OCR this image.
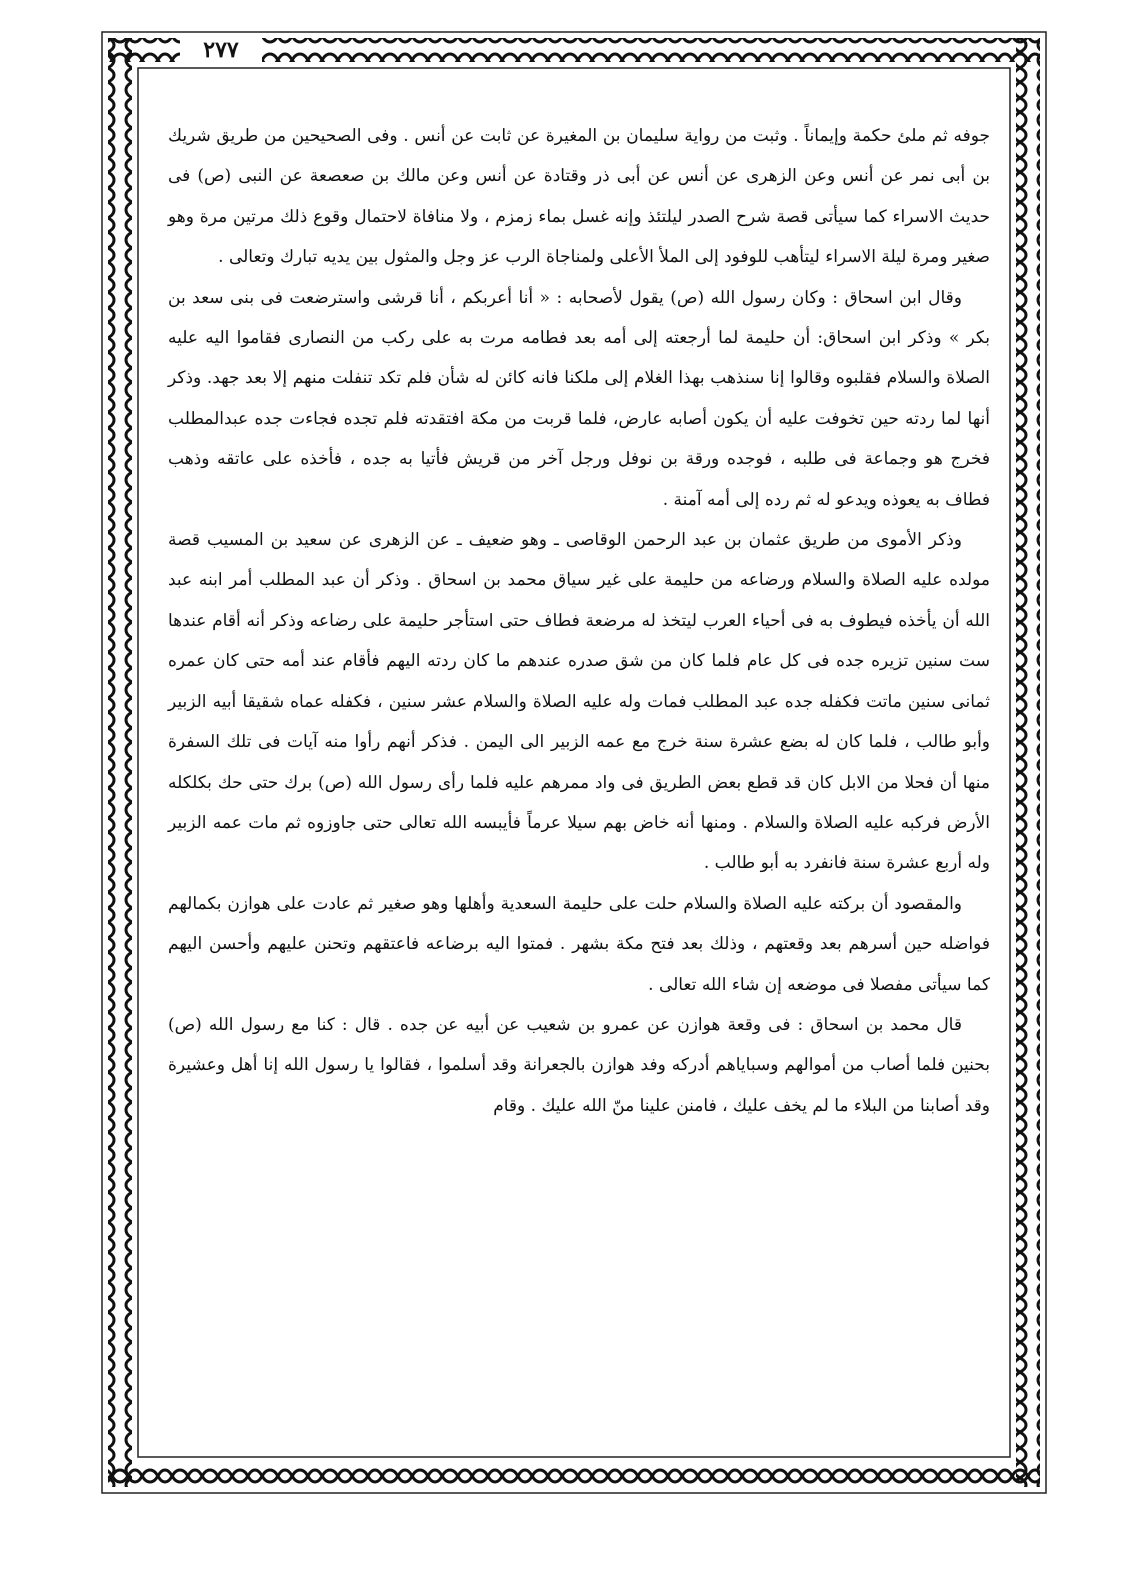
٢٧٧

جوفه ثم ملئ حكمة وإيماناً . وثبت من رواية سليمان بن المغيرة عن ثابت عن أنس . وفى الصحيحين من طريق شريك بن أبى نمر عن أنس وعن الزهرى عن أنس عن أبى ذر وقتادة عن أنس وعن مالك بن صعصعة عن النبى (ص) فى حديث الاسراء كما سيأتى قصة شرح الصدر ليلتئذ وإنه غسل بماء زمزم ، ولا منافاة لاحتمال وقوع ذلك مرتين مرة وهو صغير ومرة ليلة الاسراء ليتأهب للوفود إلى الملأ الأعلى ولمناجاة الرب عز وجل والمثول بين يديه تبارك وتعالى .

وقال ابن اسحاق : وكان رسول الله (ص) يقول لأصحابه : « أنا أعربكم ، أنا قرشى واسترضعت فى بنى سعد بن بكر » وذكر ابن اسحاق: أن حليمة لما أرجعته إلى أمه بعد فطامه مرت به على ركب من النصارى فقاموا اليه عليه الصلاة والسلام فقلبوه وقالوا إنا سنذهب بهذا الغلام إلى ملكنا فانه كائن له شأن فلم تكد تنفلت منهم إلا بعد جهد. وذكر أنها لما ردته حين تخوفت عليه أن يكون أصابه عارض، فلما قربت من مكة افتقدته فلم تجده فجاءت جده عبدالمطلب فخرج هو وجماعة فى طلبه ، فوجده ورقة بن نوفل ورجل آخر من قريش فأتيا به جده ، فأخذه على عاتقه وذهب فطاف به يعوذه ويدعو له ثم رده إلى أمه آمنة .

وذكر الأموى من طريق عثمان بن عبد الرحمن الوقاصى ـ وهو ضعيف ـ عن الزهرى عن سعيد بن المسيب قصة مولده عليه الصلاة والسلام ورضاعه من حليمة على غير سياق محمد بن اسحاق . وذكر أن عبد المطلب أمر ابنه عبد الله أن يأخذه فيطوف به فى أحياء العرب ليتخذ له مرضعة فطاف حتى استأجر حليمة على رضاعه وذكر أنه أقام عندها ست سنين تزيره جده فى كل عام فلما كان من شق صدره عندهم ما كان ردته اليهم فأقام عند أمه حتى كان عمره ثمانى سنين ماتت فكفله جده عبد المطلب فمات وله عليه الصلاة والسلام عشر سنين ، فكفله عماه شقيقا أبيه الزبير وأبو طالب ، فلما كان له بضع عشرة سنة خرج مع عمه الزبير الى اليمن . فذكر أنهم رأوا منه آيات فى تلك السفرة منها أن فحلا من الابل كان قد قطع بعض الطريق فى واد ممرهم عليه فلما رأى رسول الله (ص) برك حتى حك بكلكله الأرض فركبه عليه الصلاة والسلام . ومنها أنه خاض بهم سيلا عرماً فأيبسه الله تعالى حتى جاوزوه ثم مات عمه الزبير وله أربع عشرة سنة فانفرد به أبو طالب .

والمقصود أن بركته عليه الصلاة والسلام حلت على حليمة السعدية وأهلها وهو صغير ثم عادت على هوازن بكمالهم فواضله حين أسرهم بعد وقعتهم ، وذلك بعد فتح مكة بشهر . فمتوا اليه برضاعه فاعتقهم وتحنن عليهم وأحسن اليهم كما سيأتى مفصلا فى موضعه إن شاء الله تعالى .

قال محمد بن اسحاق : فى وقعة هوازن عن عمرو بن شعيب عن أبيه عن جده . قال : كنا مع رسول الله (ص) بحنين فلما أصاب من أموالهم وسباياهم أدركه وفد هوازن بالجعرانة وقد أسلموا ، فقالوا يا رسول الله إنا أهل وعشيرة وقد أصابنا من البلاء ما لم يخف عليك ، فامنن علينا منّ الله عليك . وقام
